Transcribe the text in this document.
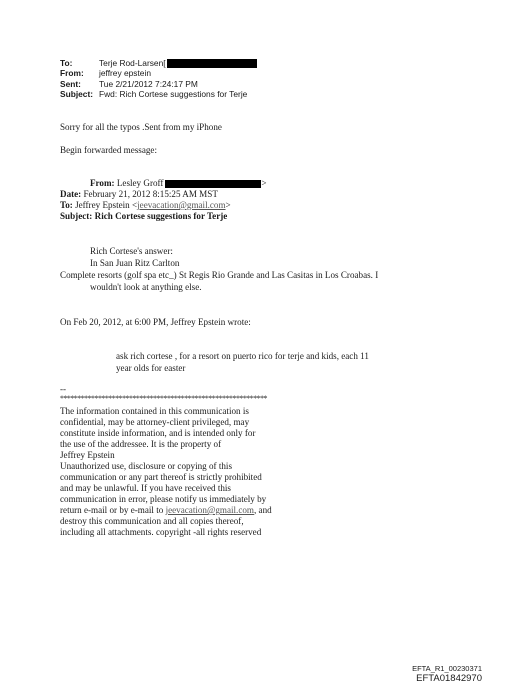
To:	Terje Rod-Larsen[
From:	jeffrey epstein
Sent:	Tue 2/21/2012 7:24:17 PM
Subject: Fwd: Rich Cortese suggestions for Terje
Sorry for all the typos .Sent from my iPhone
Begin forwarded message:
From:
Lesley Groff	>
Date:
February 21, 2012 8:15:25 AM MST
To:
Jeffrey Epstein < jeevacation@gmail.com >
Subject:
Rich Cortese suggestions for Terje
Rich Cortese's answer:
In San Juan Ritz Carlton
Complete resorts (golf spa etc_) St Regis Rio Grande and Las Casitas in Los Croabas. I
wouldn't look at anything else.
On Feb 20, 2012, at 6:00 PM, Jeffrey Epstein wrote:
ask rich cortese , for a resort on puerto rico for terje and kids, each 11
year olds for easter
--
************************************************************
The information contained in this communication is
confidential, may be attorney-client privileged, may
constitute inside information, and is intended only for
the use of the addressee. It is the property of
Jeffrey Epstein
Unauthorized use, disclosure or copying of this
communication or any part thereof is strictly prohibited
and may be unlawful. If you have received this
communication in error, please notify us immediately by
return e-mail or by e-mail to jeevacation@gmail.com, and
destroy this communication and all copies thereof,
including all attachments. copyright -all rights reserved
EFTA_R1_00230371
EFTA01842970
